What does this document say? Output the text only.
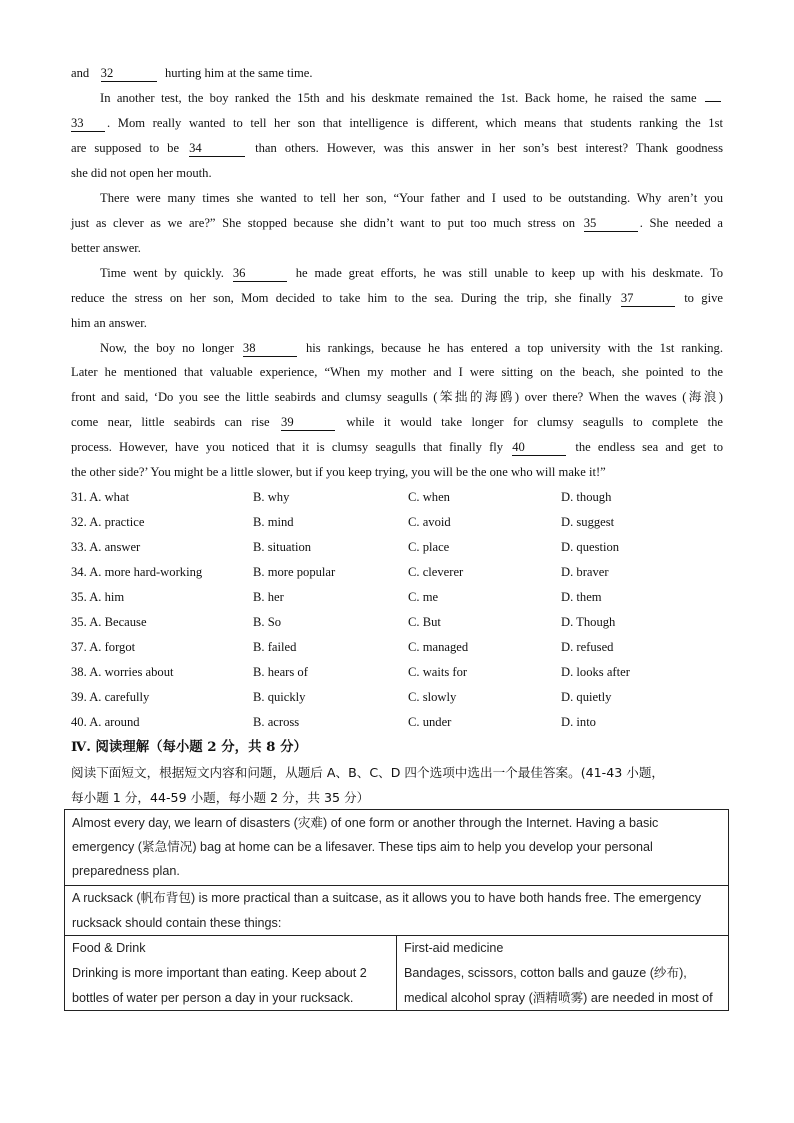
and 32	hurting him at the same time.
In another test, the boy ranked the 15th and his deskmate remained the 1st. Back home, he raised the same
33 . Mom really wanted to tell her son that intelligence is different, which means that students ranking the 1st
are supposed to be 34	than others. However, was this answer in her son’s best interest? Thank goodness
she did not open her mouth.
There were many times she wanted to tell her son, “Your father and I used to be outstanding. Why aren’t you
just as clever as we are?” She stopped because she didn’t want to put too much stress on 35	. She needed a
better answer.
Time went by quickly. 36	he made great efforts, he was still unable to keep up with his deskmate. To
reduce the stress on her son, Mom decided to take him to the sea. During the trip, she finally 37	to give
him an answer.
Now, the boy no longer 38	his rankings, because he has entered a top university with the 1st ranking.
Later he mentioned that valuable experience, “When my mother and I were sitting on the beach, she pointed to the
front and said, ‘Do you see the little seabirds and clumsy seagulls (笨拙的海鸥) over there? When the waves (海浪)
come near, little seabirds can rise 39	while it would take longer for clumsy seagulls to complete the
process. However, have you noticed that it is clumsy seagulls that finally fly 40	the endless sea and get to
the other side?’ You might be a little slower, but if you keep trying, you will be the one who will make it!”
31. A. what	B. why	C. when	D. though
32. A. practice	B. mind	C. avoid	D. suggest
33. A. answer	B. situation	C. place	D. question
34. A. more hard-working	B. more popular	C. cleverer	D. braver
35. A. him	B. her	C. me	D. them
35. A. Because	B. So	C. But	D. Though
37. A. forgot	B. failed	C. managed	D. refused
38. A. worries about	B. hears of	C. waits for	D. looks after
39. A. carefully	B. quickly	C. slowly	D. quietly
40. A. around	B. across	C. under	D. into
Ⅳ. 阅读理解（每小题 2 分，共 8 分）
阅读下面短文，根据短文内容和问题，从题后 A、B、C、D 四个选项中选出一个最佳答案。(41-43 小题，
每小题 1 分，44-59 小题，每小题 2 分，共 35 分）
Almost every day, we learn of disasters (灾难) of one form or another through the Internet. Having a basic
emergency (紧急情况) bag at home can be a lifesaver. These tips aim to help you develop your personal
preparedness plan.
A rucksack (帆布背包) is more practical than a suitcase, as it allows you to have both hands free. The emergency
rucksack should contain these things:
Food & Drink
Drinking is more important than eating. Keep about 2
bottles of water per person a day in your rucksack.
First-aid medicine
Bandages, scissors, cotton balls and gauze (纱布),
medical alcohol spray (酒精喷雾) are needed in most of
